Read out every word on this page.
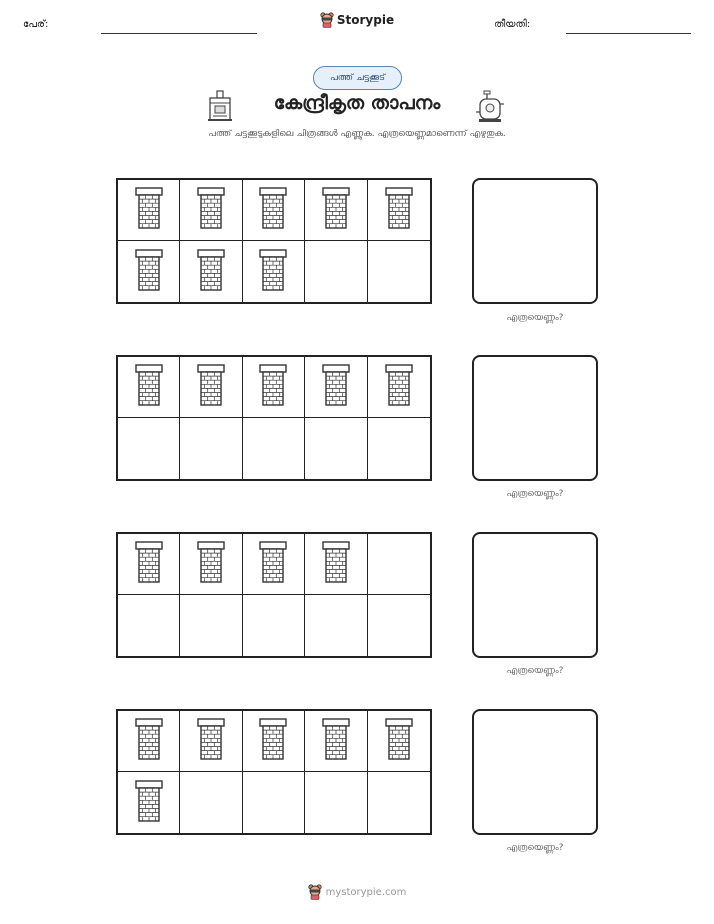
പേര്:	Storypie	തീയതി:
പത്ത് ചട്ടക്കൂട്
കേന്ദ്രീകൃത താപനം
പത്ത് ചട്ടക്കൂടുകളിലെ ചിത്രങ്ങൾ എണ്ണുക. എത്രയെണ്ണമാണെന്ന് എഴുതുക.
എത്രയെണ്ണം?
എത്രയെണ്ണം?
എത്രയെണ്ണം?
എത്രയെണ്ണം?
mystorypie.com
